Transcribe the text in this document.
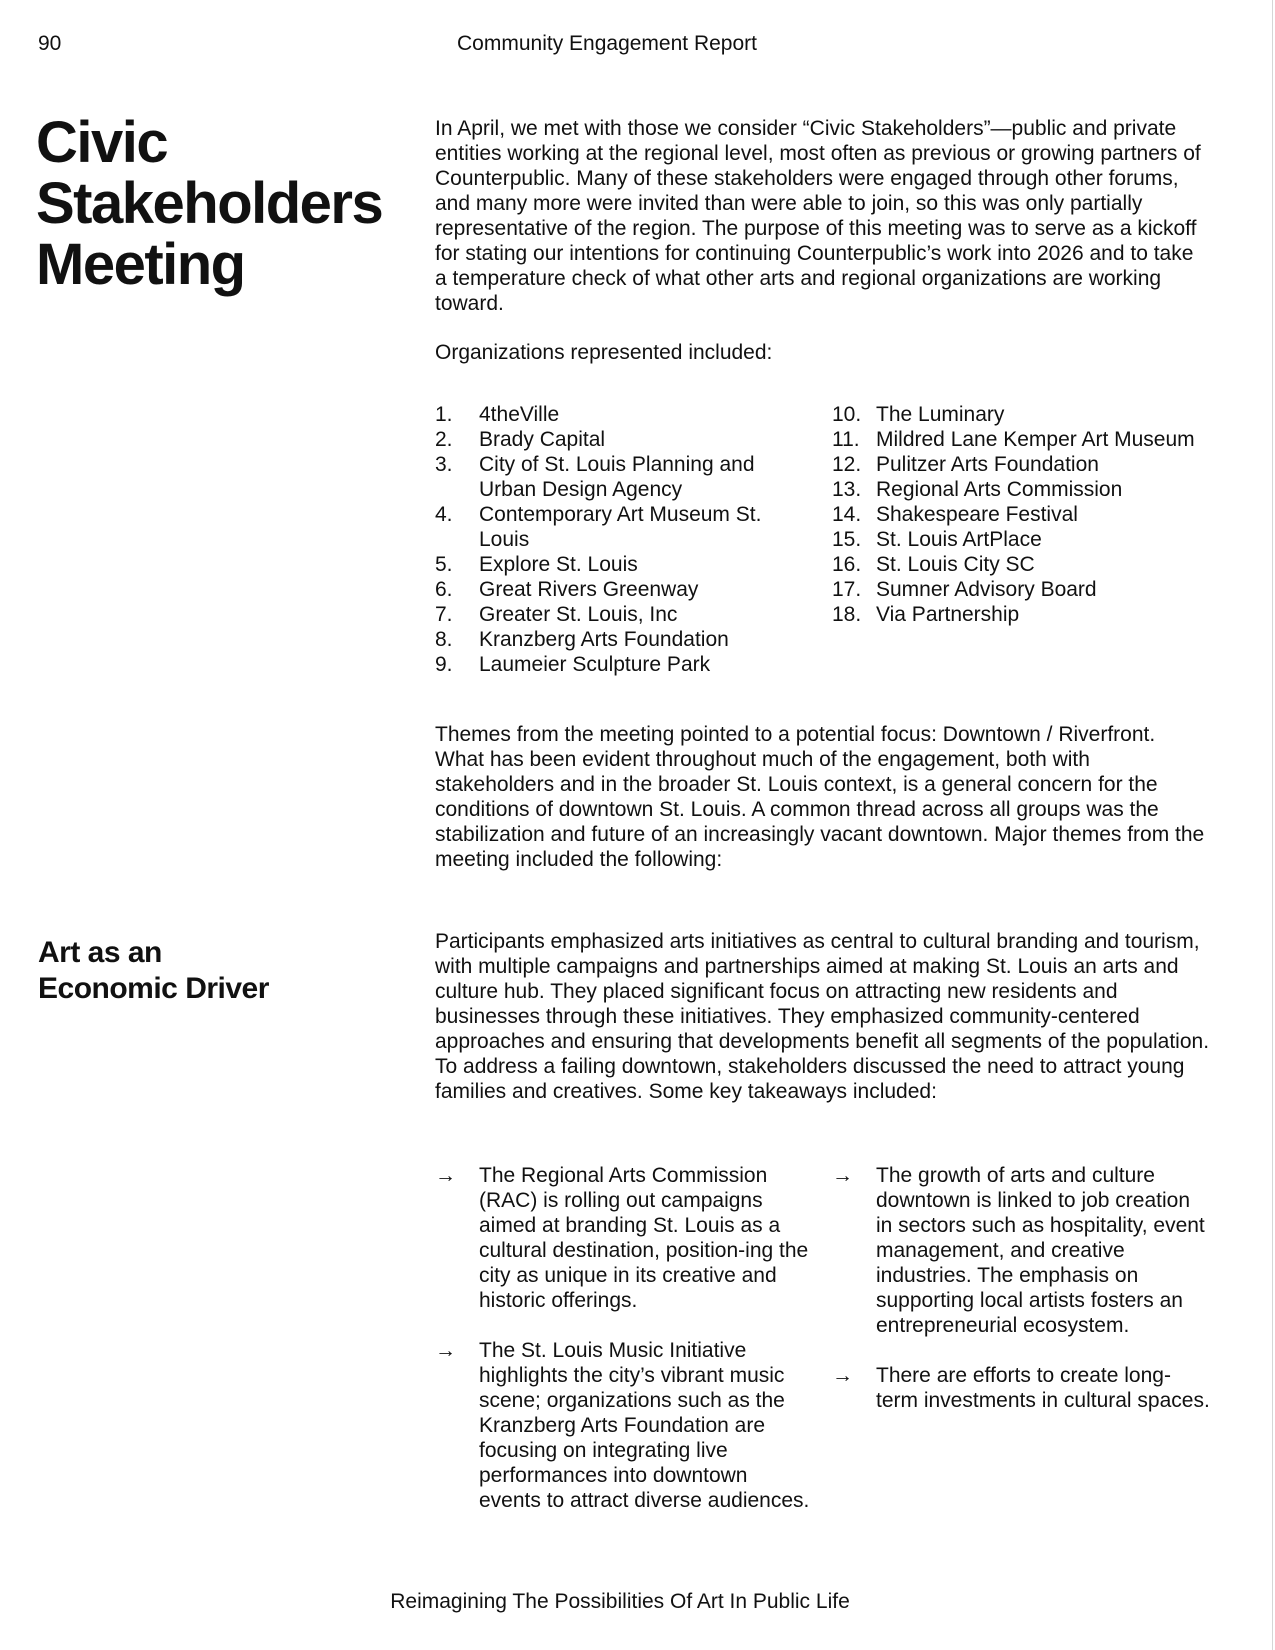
90	Community Engagement Report
Civic
Stakeholders
Meeting

In April, we met with those we consider “Civic Stakeholders”—public and private entities working at the regional level, most often as previous or growing partners of Counterpublic. Many of these stakeholders were engaged through other forums, and many more were invited than were able to join, so this was only partially representative of the region. The purpose of this meeting was to serve as a kickoff for stating our intentions for continuing Counterpublic’s work into 2026 and to take a temperature check of what other arts and regional organizations are working toward.

Organizations represented included:

1. 4theVille
2. Brady Capital
3. City of St. Louis Planning and Urban Design Agency
4. Contemporary Art Museum St. Louis
5. Explore St. Louis
6. Great Rivers Greenway
7. Greater St. Louis, Inc
8. Kranzberg Arts Foundation
9. Laumeier Sculpture Park
10. The Luminary
11. Mildred Lane Kemper Art Museum
12. Pulitzer Arts Foundation
13. Regional Arts Commission
14. Shakespeare Festival
15. St. Louis ArtPlace
16. St. Louis City SC
17. Sumner Advisory Board
18. Via Partnership

Themes from the meeting pointed to a potential focus: Downtown / Riverfront. What has been evident throughout much of the engagement, both with stakeholders and in the broader St. Louis context, is a general concern for the conditions of downtown St. Louis. A common thread across all groups was the stabilization and future of an increasingly vacant downtown. Major themes from the meeting included the following:

Art as an
Economic Driver

Participants emphasized arts initiatives as central to cultural branding and tourism, with multiple campaigns and partnerships aimed at making St. Louis an arts and culture hub. They placed significant focus on attracting new residents and businesses through these initiatives. They emphasized community-centered approaches and ensuring that developments benefit all segments of the population. To address a failing downtown, stakeholders discussed the need to attract young families and creatives. Some key takeaways included:

→ The Regional Arts Commission (RAC) is rolling out campaigns aimed at branding St. Louis as a cultural destination, position-ing the city as unique in its creative and historic offerings.
→ The St. Louis Music Initiative highlights the city’s vibrant music scene; organizations such as the Kranzberg Arts Foundation are focusing on integrating live performances into downtown events to attract diverse audiences.
→ The growth of arts and culture downtown is linked to job creation in sectors such as hospitality, event management, and creative industries. The emphasis on supporting local artists fosters an entrepreneurial ecosystem.
→ There are efforts to create long-term investments in cultural spaces.
Reimagining The Possibilities Of Art In Public Life
